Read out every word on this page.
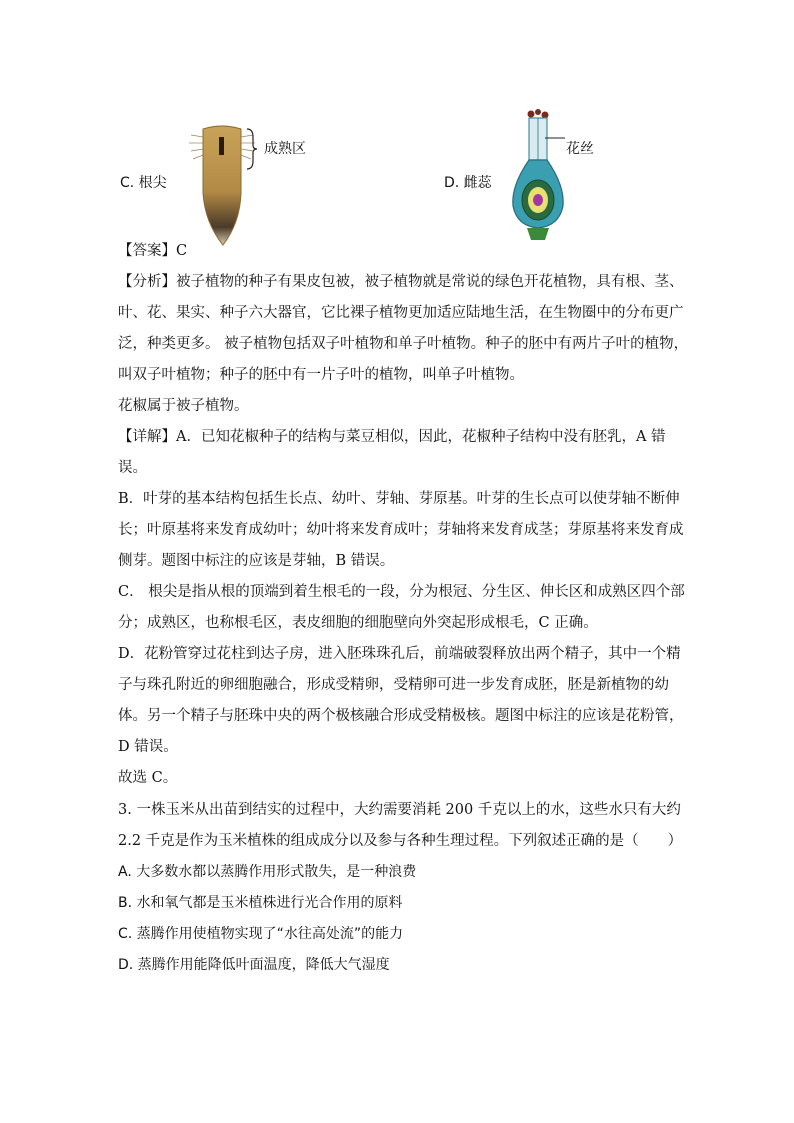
成熟区
C. 根尖
花丝
D. 雌蕊
【答案】C
【分析】被子植物的种子有果皮包被，被子植物就是常说的绿色开花植物，具有根、茎、
叶、花、果实、种子六大器官，它比裸子植物更加适应陆地生活，在生物圈中的分布更广
泛，种类更多。 被子植物包括双子叶植物和单子叶植物。种子的胚中有两片子叶的植物，
叫双子叶植物；种子的胚中有一片子叶的植物，叫单子叶植物。
花椒属于被子植物。
【详解】A．已知花椒种子的结构与菜豆相似，因此，花椒种子结构中没有胚乳，A 错
误。
B．叶芽的基本结构包括生长点、幼叶、芽轴、芽原基。叶芽的生长点可以使芽轴不断伸
长；叶原基将来发育成幼叶；幼叶将来发育成叶；芽轴将来发育成茎；芽原基将来发育成
侧芽。题图中标注的应该是芽轴，B 错误。
C． 根尖是指从根的顶端到着生根毛的一段，分为根冠、分生区、伸长区和成熟区四个部
分；成熟区，也称根毛区，表皮细胞的细胞壁向外突起形成根毛，C 正确。
D．花粉管穿过花柱到达子房，进入胚珠珠孔后，前端破裂释放出两个精子，其中一个精
子与珠孔附近的卵细胞融合，形成受精卵，受精卵可进一步发育成胚，胚是新植物的幼
体。另一个精子与胚珠中央的两个极核融合形成受精极核。题图中标注的应该是花粉管，
D 错误。
故选 C。
3. 一株玉米从出苗到结实的过程中，大约需要消耗 200 千克以上的水，这些水只有大约
2.2 千克是作为玉米植株的组成成分以及参与各种生理过程。下列叙述正确的是（　　）
A. 大多数水都以蒸腾作用形式散失，是一种浪费
B. 水和氧气都是玉米植株进行光合作用的原料
C. 蒸腾作用使植物实现了“水往高处流”的能力
D. 蒸腾作用能降低叶面温度，降低大气湿度
